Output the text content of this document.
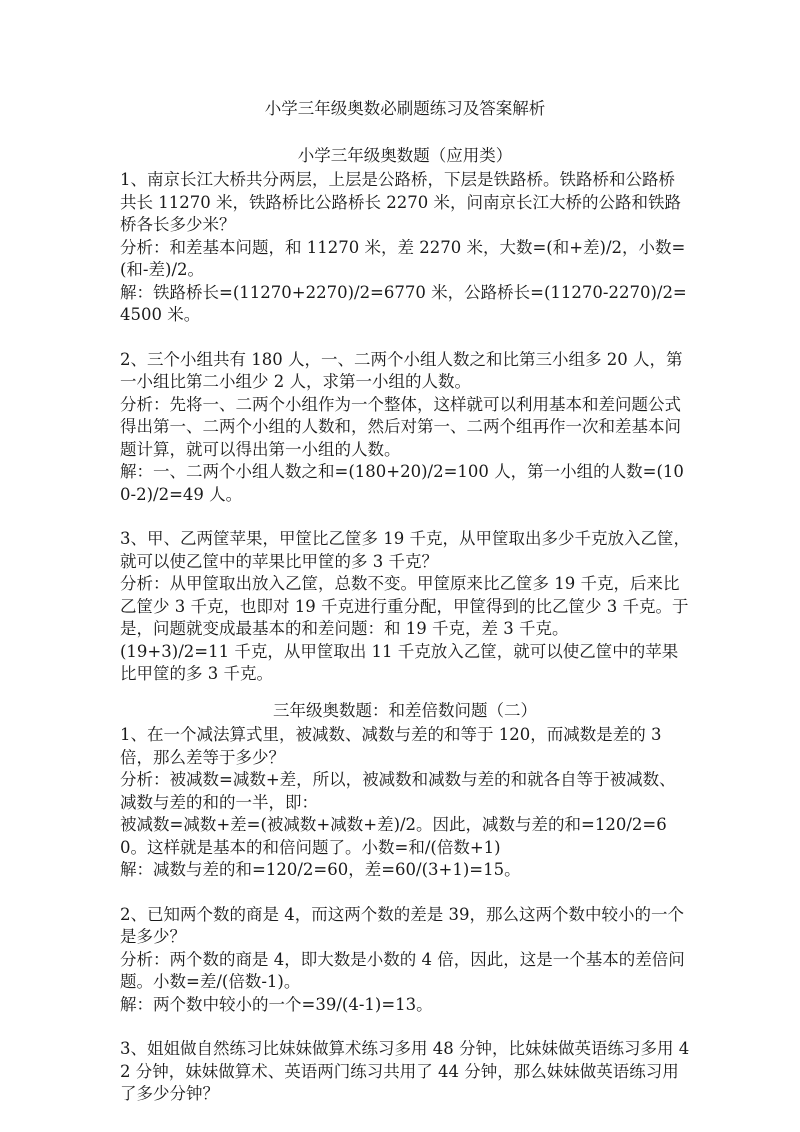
小学三年级奥数必刷题练习及答案解析
小学三年级奥数题（应用类）

1、南京长江大桥共分两层，上层是公路桥，下层是铁路桥。铁路桥和公路桥共长 11270 米，铁路桥比公路桥长 2270 米，问南京长江大桥的公路和铁路桥各长多少米？

分析：和差基本问题，和 11270 米，差 2270 米，大数=(和+差)/2，小数=(和-差)/2。

解：铁路桥长=(11270+2270)/2=6770 米，公路桥长=(11270-2270)/2=4500 米。

2、三个小组共有 180 人，一、二两个小组人数之和比第三小组多 20 人，第一小组比第二小组少 2 人，求第一小组的人数。

分析：先将一、二两个小组作为一个整体，这样就可以利用基本和差问题公式得出第一、二两个小组的人数和，然后对第一、二两个组再作一次和差基本问题计算，就可以得出第一小组的人数。

解：一、二两个小组人数之和=(180+20)/2=100 人，第一小组的人数=(100-2)/2=49 人。

3、甲、乙两筐苹果，甲筐比乙筐多 19 千克，从甲筐取出多少千克放入乙筐，就可以使乙筐中的苹果比甲筐的多 3 千克？

分析：从甲筐取出放入乙筐，总数不变。甲筐原来比乙筐多 19 千克，后来比乙筐少 3 千克，也即对 19 千克进行重分配，甲筐得到的比乙筐少 3 千克。于是，问题就变成最基本的和差问题：和 19 千克，差 3 千克。

(19+3)/2=11 千克，从甲筐取出 11 千克放入乙筐，就可以使乙筐中的苹果比甲筐的多 3 千克。

三年级奥数题：和差倍数问题（二）

1、在一个减法算式里，被减数、减数与差的和等于 120，而减数是差的 3 倍，那么差等于多少？

分析：被减数=减数+差，所以，被减数和减数与差的和就各自等于被减数、减数与差的和的一半，即：

被减数=减数+差=(被减数+减数+差)/2。因此，减数与差的和=120/2=60。这样就是基本的和倍问题了。小数=和/(倍数+1)

解：减数与差的和=120/2=60，差=60/(3+1)=15。

2、已知两个数的商是 4，而这两个数的差是 39，那么这两个数中较小的一个是多少？

分析：两个数的商是 4，即大数是小数的 4 倍，因此，这是一个基本的差倍问题。小数=差/(倍数-1)。

解：两个数中较小的一个=39/(4-1)=13。

3、姐姐做自然练习比妹妹做算术练习多用 48 分钟，比妹妹做英语练习多用 42 分钟，妹妹做算术、英语两门练习共用了 44 分钟，那么妹妹做英语练习用了多少分钟？
